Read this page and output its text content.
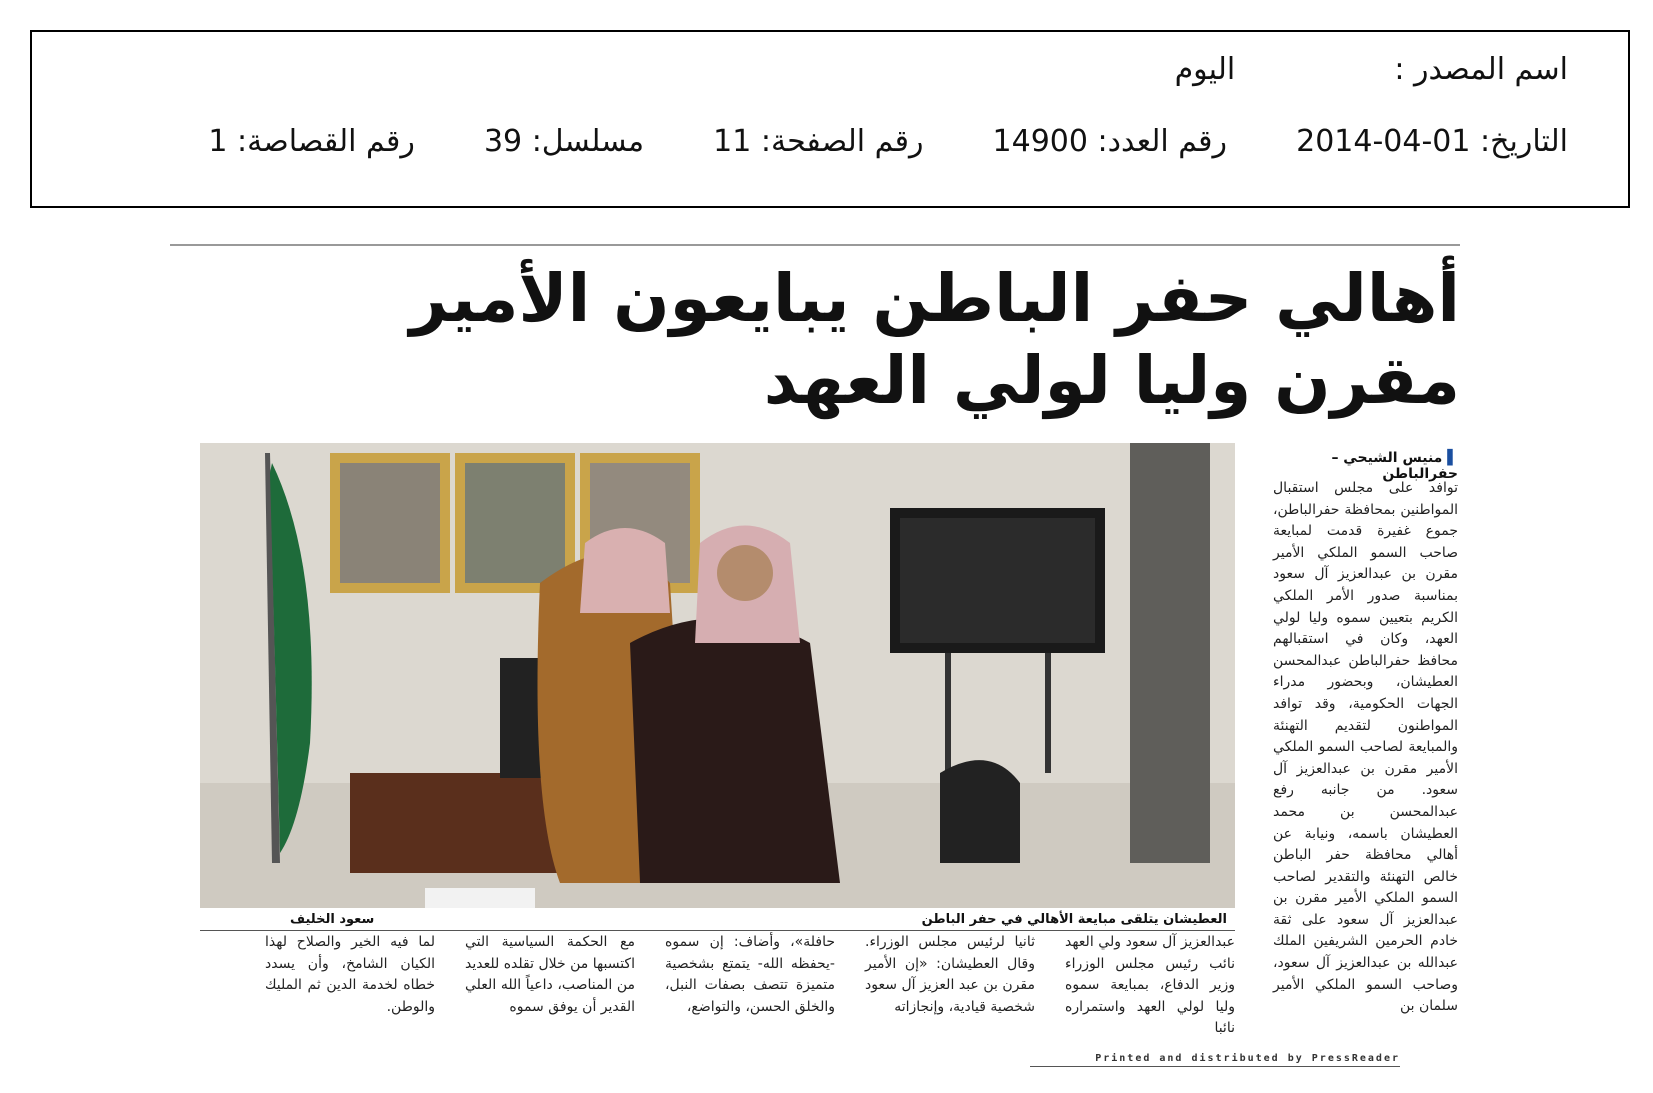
اسم المصدر :  اليوم
التاريخ: 2014-04-01  رقم العدد: 14900  رقم الصفحة: 11  مسلسل: 39  رقم القصاصة: 1
أهالي حفر الباطن يبايعون الأمير مقرن وليا لولي العهد
▌ منيس الشيحي – حفرالباطن
توافد على مجلس استقبال المواطنين بمحافظة حفرالباطن، جموع غفيرة قدمت لمبايعة صاحب السمو الملكي الأمير مقرن بن عبدالعزيز آل سعود بمناسبة صدور الأمر الملكي الكريم بتعيين سموه وليا لولي العهد، وكان في استقبالهم محافظ حفرالباطن عبدالمحسن العطيشان، وبحضور مدراء الجهات الحكومية، وقد توافد المواطنون لتقديم التهنئة والمبايعة لصاحب السمو الملكي الأمير مقرن بن عبدالعزيز آل سعود. من جانبه رفع عبدالمحسن بن محمد العطيشان باسمه، ونيابة عن أهالي محافظة حفر الباطن خالص التهنئة والتقدير لصاحب السمو الملكي الأمير مقرن بن عبدالعزيز آل سعود على ثقة خادم الحرمين الشريفين الملك عبدالله بن عبدالعزيز آل سعود، وصاحب السمو الملكي الأمير سلمان بن
العطيشان يتلقى مبايعة الأهالي في حفر الباطن
سعود الخليف
عبدالعزيز آل سعود ولي العهد نائب رئيس مجلس الوزراء وزير الدفاع، بمبايعة سموه وليا لولي العهد واستمراره نائبا
ثانيا لرئيس مجلس الوزراء. وقال العطيشان: «إن الأمير مقرن بن عبد العزيز آل سعود شخصية قيادية، وإنجازاته
حافلة»، وأضاف: إن سموه -يحفظه الله- يتمتع بشخصية متميزة تتصف بصفات النبل، والخلق الحسن، والتواضع،
مع الحكمة السياسية التي اكتسبها من خلال تقلده للعديد من المناصب، داعياً الله العلي القدير أن يوفق سموه
لما فيه الخير والصلاح لهذا الكيان الشامخ، وأن يسدد خطاه لخدمة الدين ثم المليك والوطن.
Printed and distributed by PressReader
